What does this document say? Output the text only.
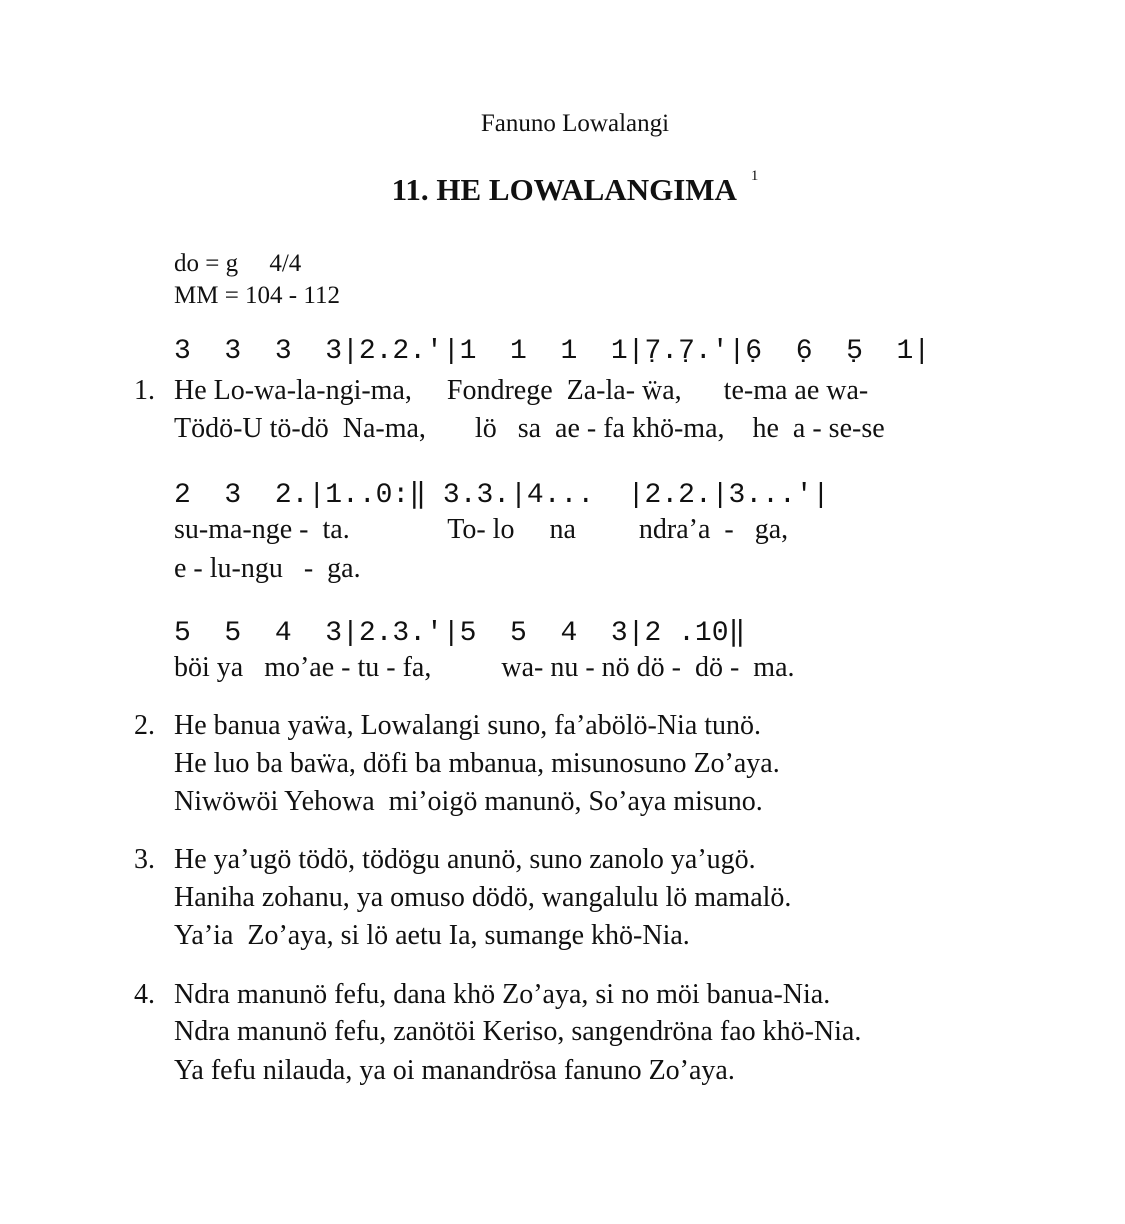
Fanuno Lowalangi
11. HE LOWALANGIMA $^1$
do = g     4/4
MM = 104 - 112
3  3  3  3|2.2.'|1  1  1  1|7̣.7̣.'|6̣  6̣  5̣  1|
1. He Lo-wa-la-ngi-ma,     Fondrege  Za-la- ẅa,      te-ma ae wa-
Tödö-U tö-dö  Na-ma,       lö   sa  ae - fa khö-ma,    he  a - se-se
2  3  2.|1..0:‖ 3.3.|4...  |2.2.|3...'|
su-ma-nge -  ta.              To- lo     na         ndra’a  -   ga,
e - lu-ngu   -  ga.
5  5  4  3|2.3.'|5  5  4  3|2 .10‖
böi ya   mo’ae - tu - fa,          wa- nu - nö dö -  dö -  ma.
2. He banua yaẅa, Lowalangi suno, fa’abölö-Nia tunö.
He luo ba baẅa, döfi ba mbanua, misunosuno Zo’aya.
Niwöwöi Yehowa  mi’oigö manunö, So’aya misuno.
3. He ya’ugö tödö, tödögu anunö, suno zanolo ya’ugö.
Haniha zohanu, ya omuso dödö, wangalulu lö mamalö.
Ya’ia  Zo’aya, si lö aetu Ia, sumange khö-Nia.
4. Ndra manunö fefu, dana khö Zo’aya, si no möi banua-Nia.
Ndra manunö fefu, zanötöi Keriso, sangendröna fao khö-Nia.
Ya fefu nilauda, ya oi manandrösa fanuno Zo’aya.
